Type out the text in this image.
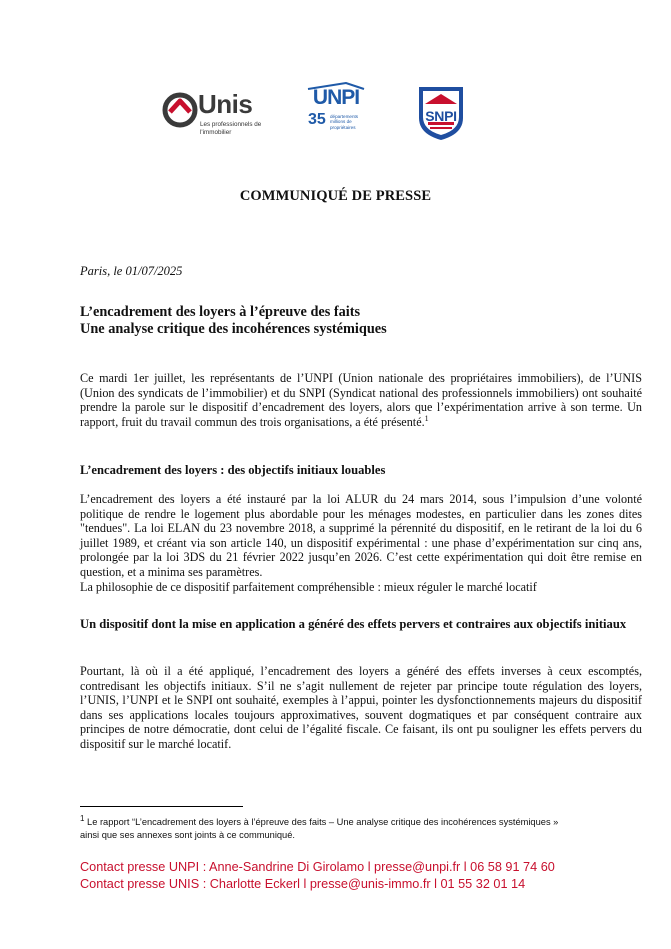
Unis
Les professionnels de l'immobilier
UNPI
35 départements millions de propriétaires
SNPI
COMMUNIQUÉ DE PRESSE
Paris, le 01/07/2025
L’encadrement des loyers à l’épreuve des faits
Une analyse critique des incohérences systémiques
Ce mardi 1er juillet, les représentants de l’UNPI (Union nationale des propriétaires immobiliers), de l’UNIS (Union des syndicats de l’immobilier) et du SNPI (Syndicat national des professionnels immobiliers) ont souhaité prendre la parole sur le dispositif d’encadrement des loyers, alors que l’expérimentation arrive à son terme. Un rapport, fruit du travail commun des trois organisations, a été présenté.$^1$
L’encadrement des loyers : des objectifs initiaux louables
L’encadrement des loyers a été instauré par la loi ALUR du 24 mars 2014, sous l’impulsion d’une volonté politique de rendre le logement plus abordable pour les ménages modestes, en particulier dans les zones dites "tendues". La loi ELAN du 23 novembre 2018, a supprimé la pérennité du dispositif, en le retirant de la loi du 6 juillet 1989, et créant via son article 140, un dispositif expérimental : une phase d’expérimentation sur cinq ans, prolongée par la loi 3DS du 21 février 2022 jusqu’en 2026. C’est cette expérimentation qui doit être remise en question, et a minima ses paramètres.
La philosophie de ce dispositif parfaitement compréhensible : mieux réguler le marché locatif
Un dispositif dont la mise en application a généré des effets pervers et contraires aux objectifs initiaux
Pourtant, là où il a été appliqué, l’encadrement des loyers a généré des effets inverses à ceux escomptés, contredisant les objectifs initiaux. S’il ne s’agit nullement de rejeter par principe toute régulation des loyers, l’UNIS, l’UNPI et le SNPI ont souhaité, exemples à l’appui, pointer les dysfonctionnements majeurs du dispositif dans ses applications locales toujours approximatives, souvent dogmatiques et par conséquent contraire aux principes de notre démocratie, dont celui de l’égalité fiscale. Ce faisant, ils ont pu souligner les effets pervers du dispositif sur le marché locatif.
$^1$ Le rapport “L’encadrement des loyers à l’épreuve des faits – Une analyse critique des incohérences systémiques » ainsi que ses annexes sont joints à ce communiqué.
Contact presse UNPI : Anne-Sandrine Di Girolamo l presse@unpi.fr l 06 58 91 74 60
Contact presse UNIS : Charlotte Eckerl l presse@unis-immo.fr l 01 55 32 01 14
